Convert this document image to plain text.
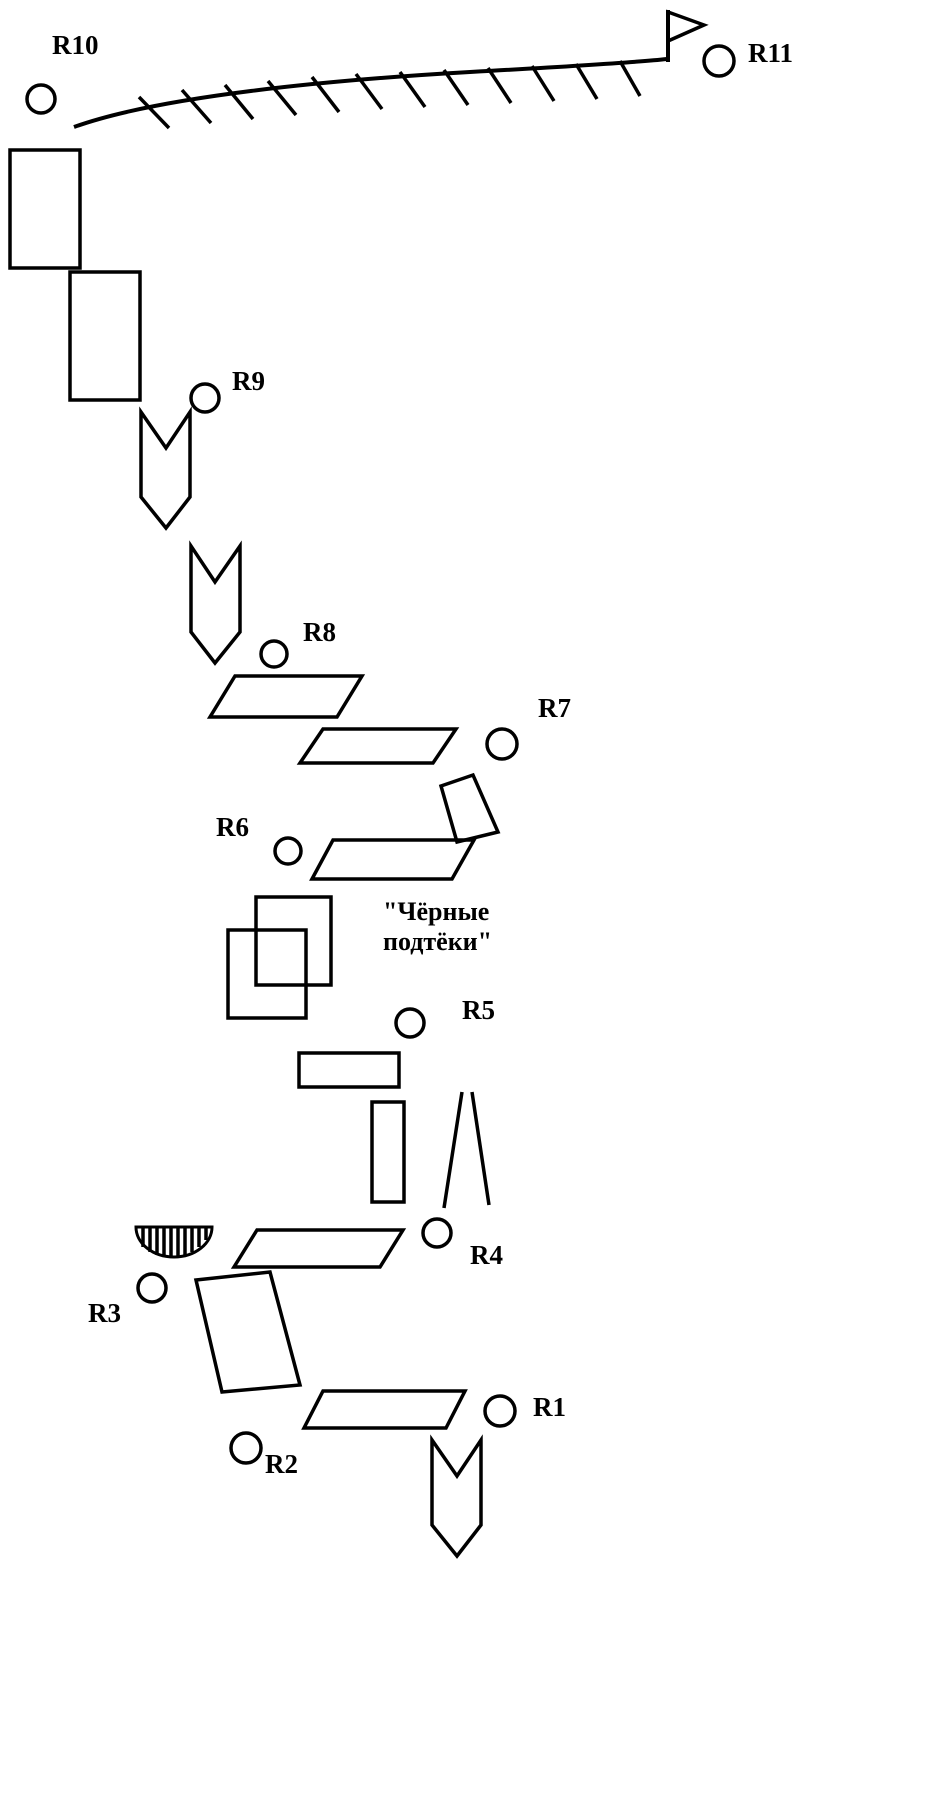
R10	R11
R9
R8
R7
R6
R5
R4
R3
R2
R1
"Чёрные
подтёки"
